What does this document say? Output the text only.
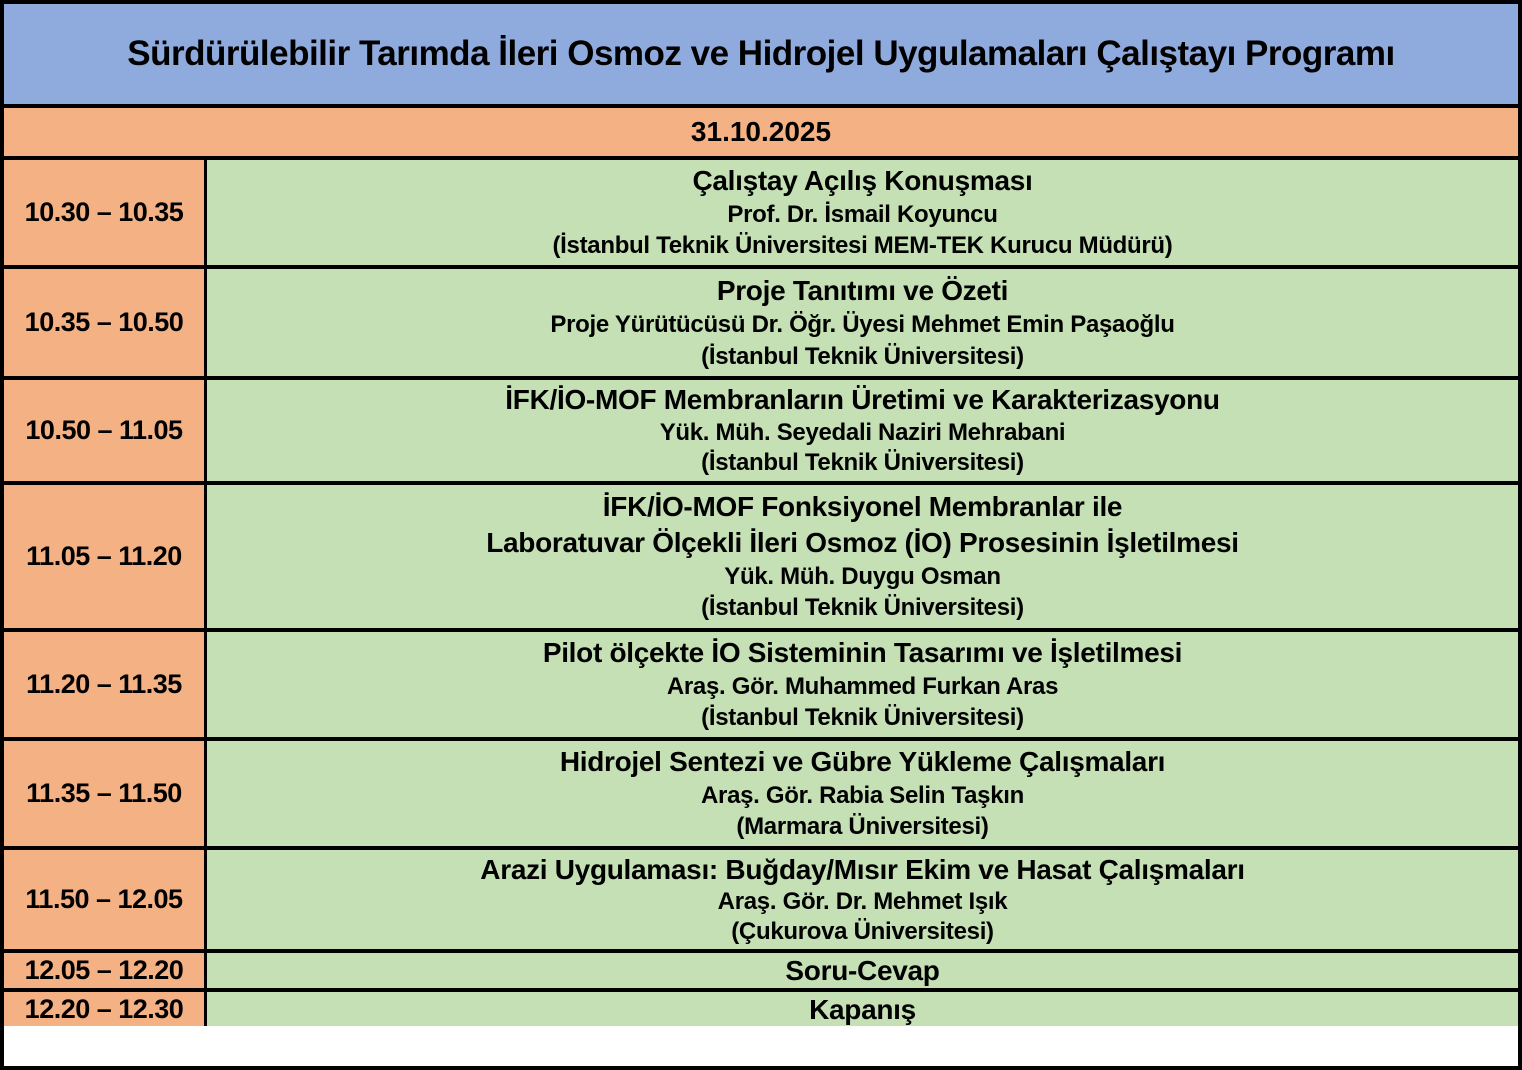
Sürdürülebilir Tarımda İleri Osmoz ve Hidrojel Uygulamaları Çalıştayı Programı
31.10.2025
10.30 – 10.35
Çalıştay Açılış Konuşması
Prof. Dr. İsmail Koyuncu
(İstanbul Teknik Üniversitesi MEM-TEK Kurucu Müdürü)
10.35 – 10.50
Proje Tanıtımı ve Özeti
Proje Yürütücüsü Dr. Öğr. Üyesi Mehmet Emin Paşaoğlu
(İstanbul Teknik Üniversitesi)
10.50 – 11.05
İFK/İO-MOF Membranların Üretimi ve Karakterizasyonu
Yük. Müh. Seyedali Naziri Mehrabani
(İstanbul Teknik Üniversitesi)
11.05 – 11.20
İFK/İO-MOF Fonksiyonel Membranlar ile
Laboratuvar Ölçekli İleri Osmoz (İO) Prosesinin İşletilmesi
Yük. Müh. Duygu Osman
(İstanbul Teknik Üniversitesi)
11.20 – 11.35
Pilot ölçekte İO Sisteminin Tasarımı ve İşletilmesi
Araş. Gör. Muhammed Furkan Aras
(İstanbul Teknik Üniversitesi)
11.35 – 11.50
Hidrojel Sentezi ve Gübre Yükleme Çalışmaları
Araş. Gör. Rabia Selin Taşkın
(Marmara Üniversitesi)
11.50 – 12.05
Arazi Uygulaması: Buğday/Mısır Ekim ve Hasat Çalışmaları
Araş. Gör. Dr. Mehmet Işık
(Çukurova Üniversitesi)
12.05 – 12.20	Soru-Cevap
12.20 – 12.30	Kapanış
